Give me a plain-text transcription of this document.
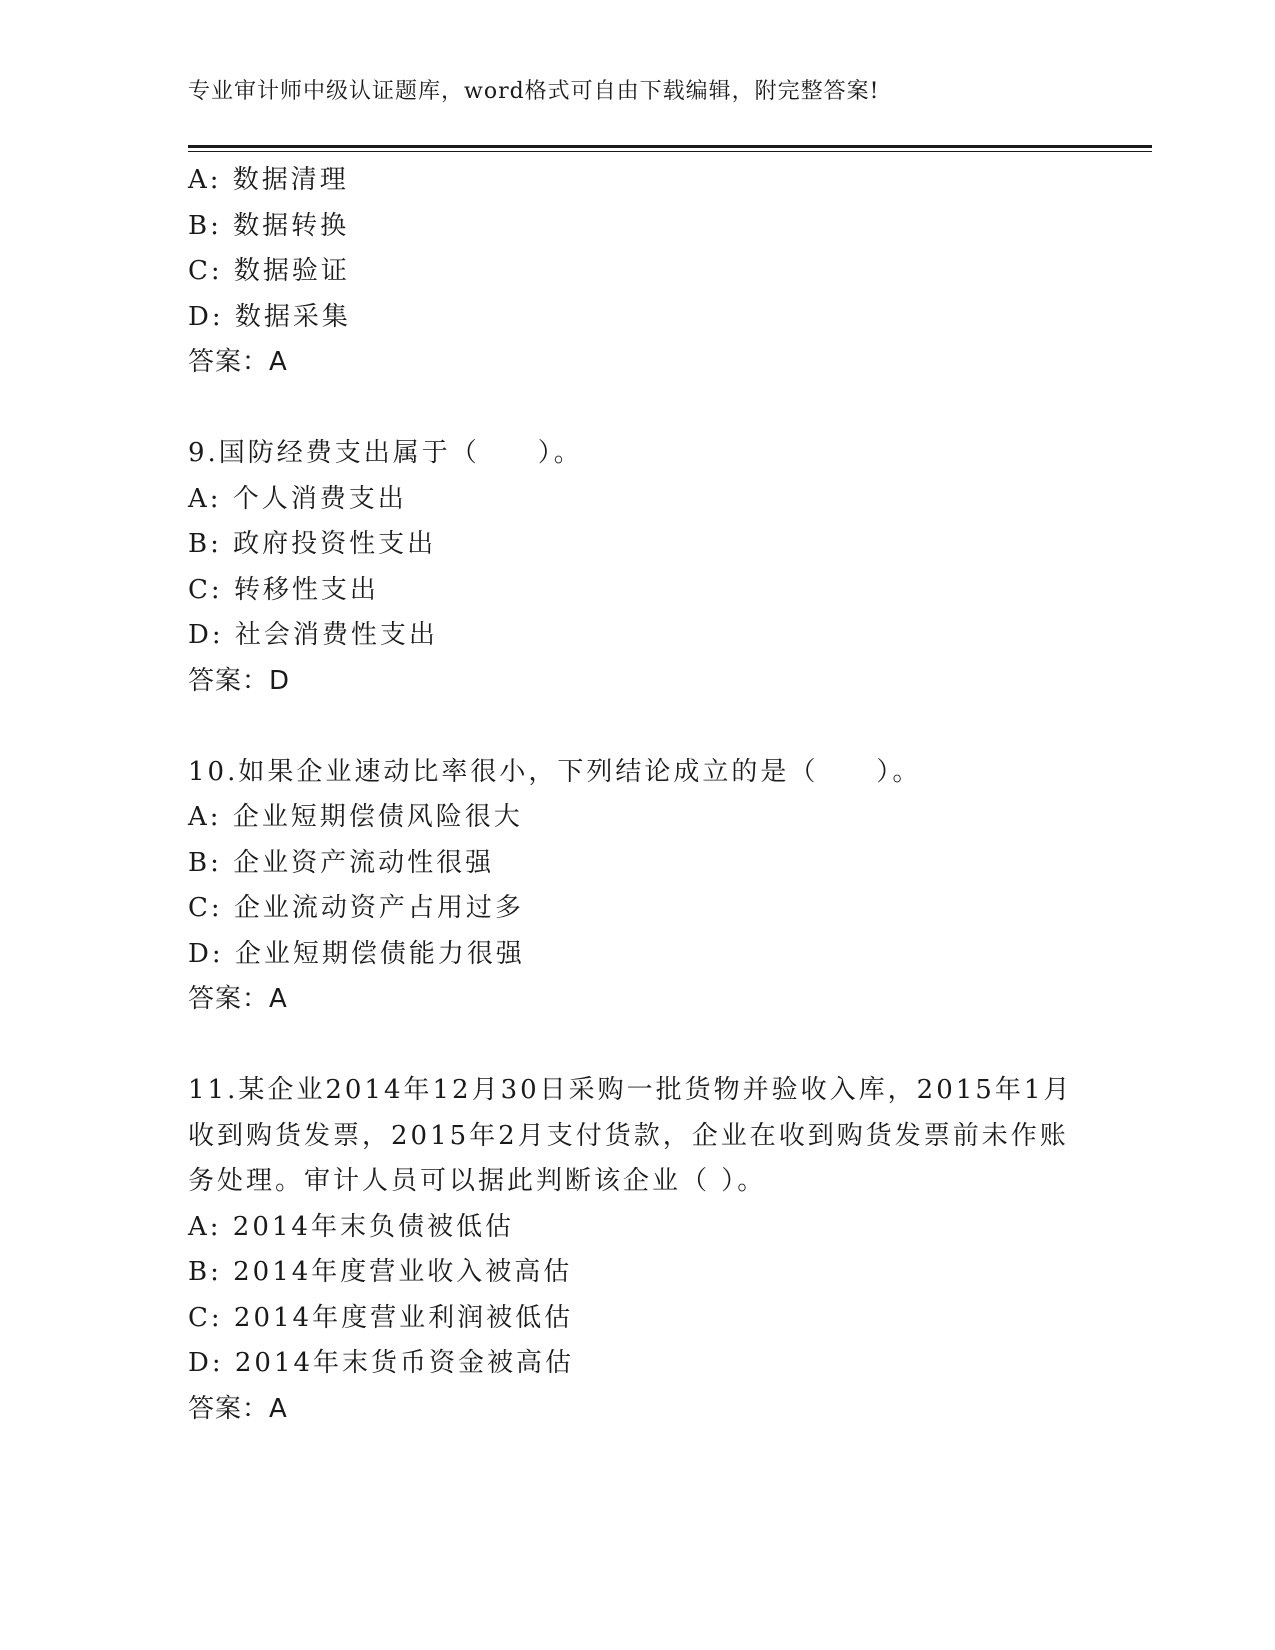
专业审计师中级认证题库，word格式可自由下载编辑，附完整答案!
A: 数据清理
B: 数据转换
C: 数据验证
D: 数据采集
答案：A
9.国防经费支出属于（　　）。
A: 个人消费支出
B: 政府投资性支出
C: 转移性支出
D: 社会消费性支出
答案：D
10.如果企业速动比率很小，下列结论成立的是（　　）。
A: 企业短期偿债风险很大
B: 企业资产流动性很强
C: 企业流动资产占用过多
D: 企业短期偿债能力很强
答案：A
11.某企业2014年12月30日采购一批货物并验收入库，2015年1月
收到购货发票，2015年2月支付货款，企业在收到购货发票前未作账
务处理。审计人员可以据此判断该企业（ ）。
A: 2014年末负债被低估
B: 2014年度营业收入被高估
C: 2014年度营业利润被低估
D: 2014年末货币资金被高估
答案：A
